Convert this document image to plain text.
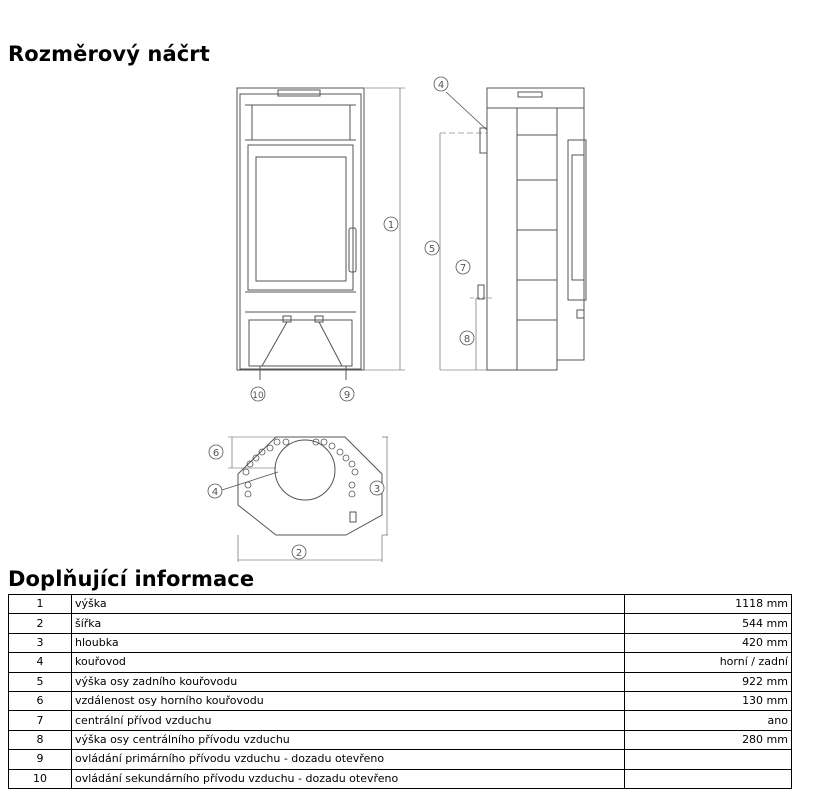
Rozměrový náčrt
1
2
3
4
4
5
6
7
8
9
10
Doplňující informace
1	výška	1118 mm
2	šířka	544 mm
3	hloubka	420 mm
4	kouřovod	horní / zadní
5	výška osy zadního kouřovodu	922 mm
6	vzdálenost osy horního kouřovodu	130 mm
7	centrální přívod vzduchu	ano
8	výška osy centrálního přívodu vzduchu	280 mm
9	ovládání primárního přívodu vzduchu - dozadu otevřeno	
10	ovládání sekundárního přívodu vzduchu - dozadu otevřeno	
